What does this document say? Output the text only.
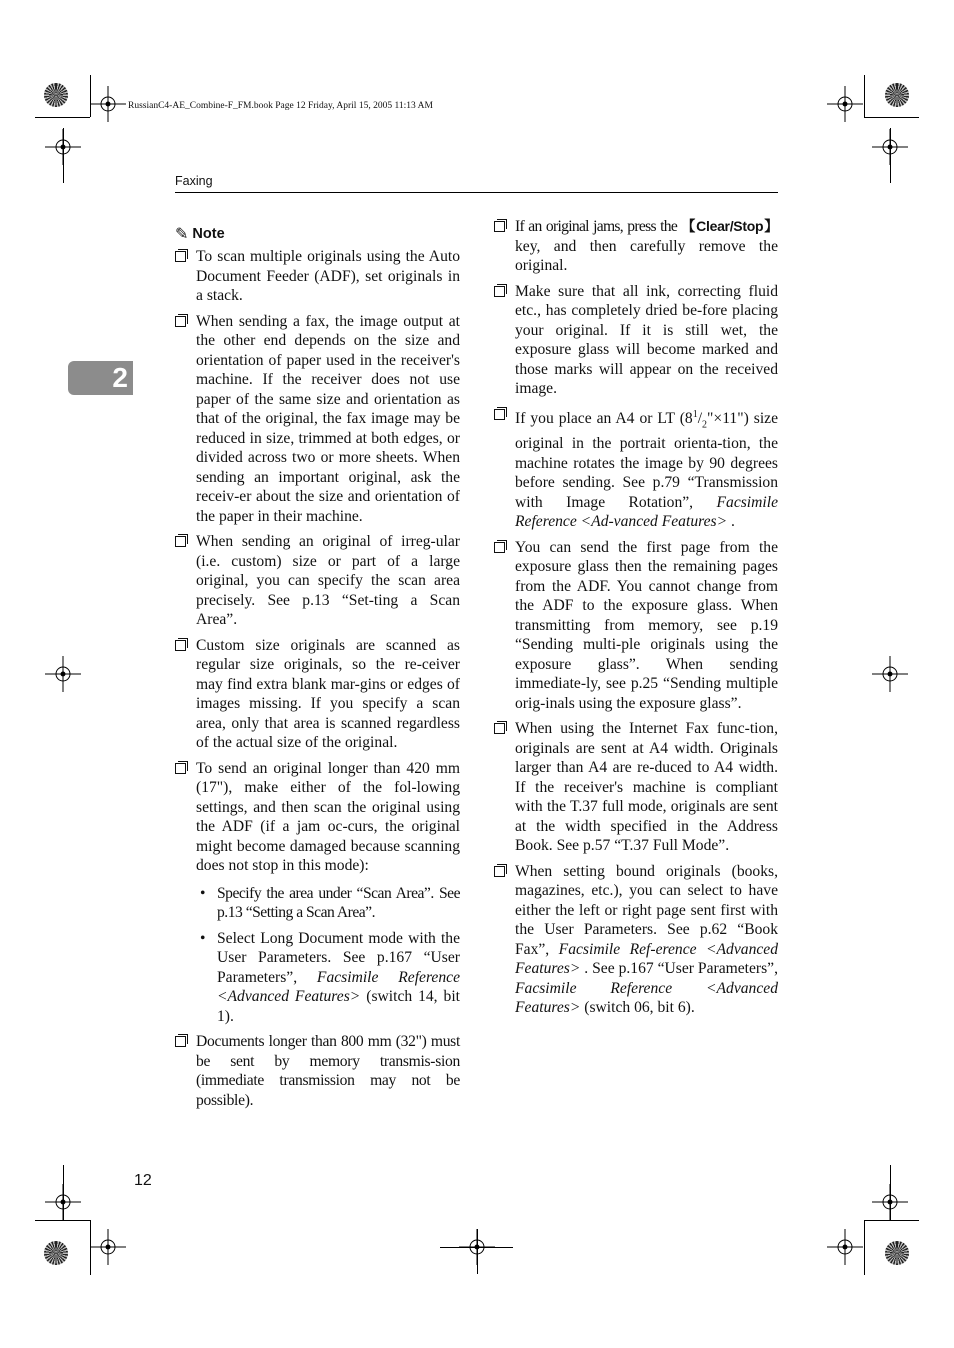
RussianC4-AE_Combine-F_FM.book Page 12 Friday, April 15, 2005 11:13 AM
Faxing
2
✎ Note
To scan multiple originals using the Auto Document Feeder (ADF), set originals in a stack.
When sending a fax, the image output at the other end depends on the size and orientation of paper used in the receiver's machine. If the receiver does not use paper of the same size and orientation as that of the original, the fax image may be reduced in size, trimmed at both edges, or divided across two or more sheets. When sending an important original, ask the receiv-er about the size and orientation of the paper in their machine.
When sending an original of irreg-ular (i.e. custom) size or part of a large original, you can specify the scan area precisely. See p.13 “Set-ting a Scan Area”.
Custom size originals are scanned as regular size originals, so the re-ceiver may find extra blank mar-gins or edges of images missing. If you specify a scan area, only that area is scanned regardless of the actual size of the original.
To send an original longer than 420 mm (17"), make either of the fol-lowing settings, and then scan the original using the ADF (if a jam oc-curs, the original might become damaged because scanning does not stop in this mode):
• Specify the area under “Scan Area”. See p.13 “Setting a Scan Area”.
• Select Long Document mode with the User Parameters. See p.167 “User Parameters”, Facsimile Reference <Advanced Features> (switch 14, bit 1).
Documents longer than 800 mm (32") must be sent by memory transmis-sion (immediate transmission may not be possible).
If an original jams, press the 【Clear/Stop】 key, and then carefully remove the original.
Make sure that all ink, correcting fluid etc., has completely dried be-fore placing your original. If it is still wet, the exposure glass will become marked and those marks will appear on the received image.
If you place an A4 or LT $(8^1/_2"\times 11")$ size original in the portrait orienta-tion, the machine rotates the image by 90 degrees before sending. See p.79 “Transmission with Image Rotation”, Facsimile Reference <Ad-vanced Features> .
You can send the first page from the exposure glass then the remaining pages from the ADF. You cannot change from the ADF to the exposure glass. When transmitting from memory, see p.19 “Sending multi-ple originals using the exposure glass”. When sending immediate-ly, see p.25 “Sending multiple orig-inals using the exposure glass”.
When using the Internet Fax func-tion, originals are sent at A4 width. Originals larger than A4 are re-duced to A4 width. If the receiver's machine is compliant with the T.37 full mode, originals are sent at the width specified in the Address Book. See p.57 “T.37 Full Mode”.
When setting bound originals (books, magazines, etc.), you can select to have either the left or right page sent first with the User Parameters. See p.62 “Book Fax”, Facsimile Ref-erence <Advanced Features> . See p.167 “User Parameters”, Facsimile Reference <Advanced Features> (switch 06, bit 6).
12
